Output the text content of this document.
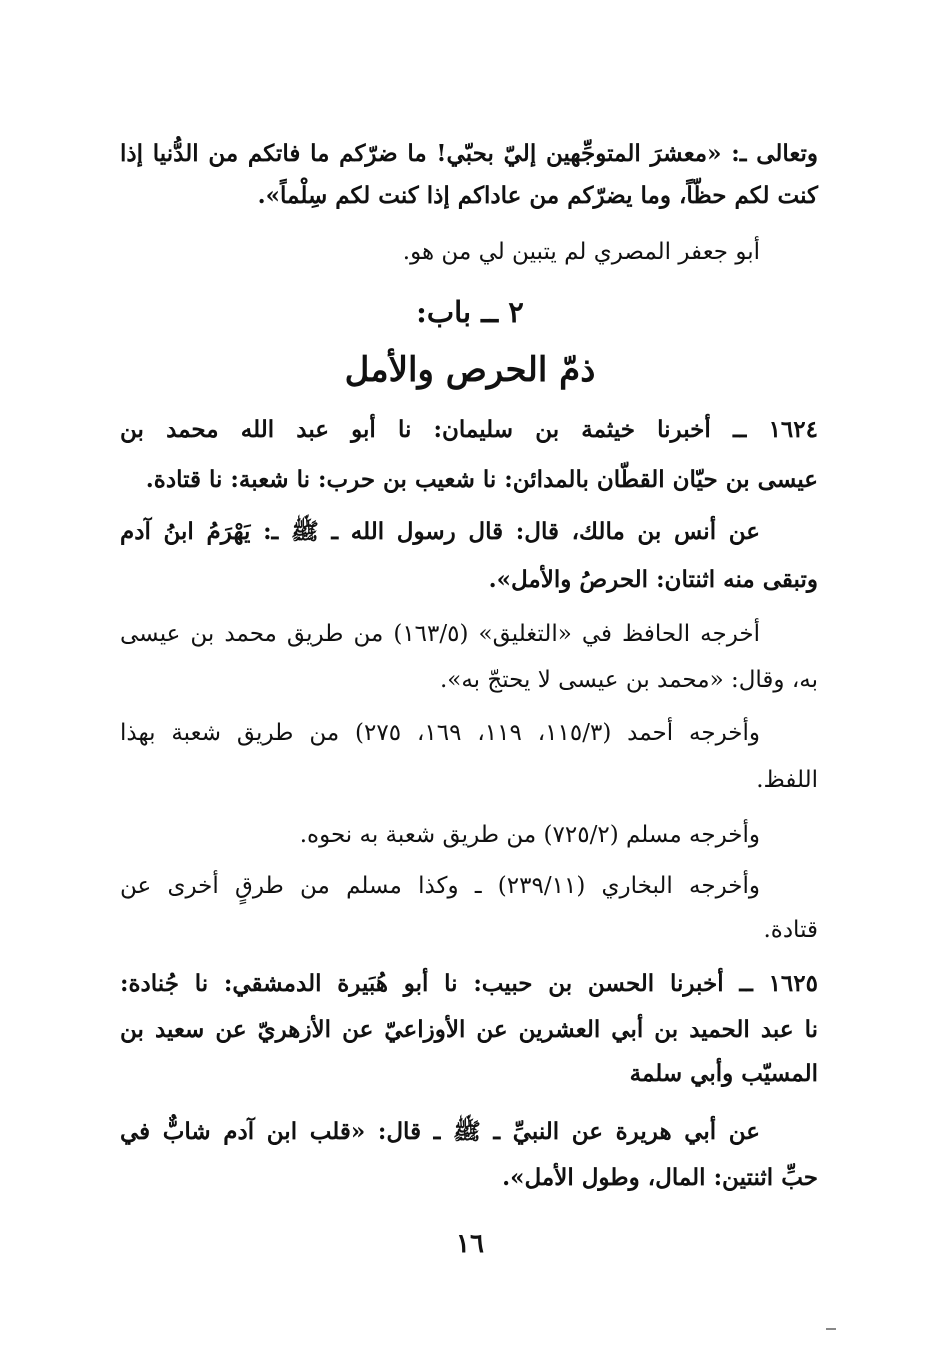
وتعالى ـ: «معشرَ المتوجِّهين إليّ بحبّي! ما ضرّكم ما فاتكم من الدُّنيا إذا
كنت لكم حظّاً، وما يضرّكم من عاداكم إذا كنت لكم سِلْماً».
أبو جعفر المصري لم يتبين لي من هو.
٢ ــ باب:
ذمّ الحرص والأمل
١٦٢٤ ــ أخبرنا خيثمة بن سليمان: نا أبو عبد الله محمد بن
عيسى بن حيّان القطّان بالمدائن: نا شعيب بن حرب: نا شعبة: نا قتادة.
عن أنس بن مالك، قال: قال رسول الله ـ ﷺ ـ: يَهْرَمُ ابنُ آدم
وتبقى منه اثنتان: الحرصُ والأمل».
أخرجه الحافظ في «التغليق» (١٦٣/٥) من طريق محمد بن عيسى
به، وقال: «محمد بن عيسى لا يحتجّ به».
وأخرجه أحمد (١١٥/٣، ١١٩، ١٦٩، ٢٧٥) من طريق شعبة بهذا
اللفظ.
وأخرجه مسلم (٧٢٥/٢) من طريق شعبة به نحوه.
وأخرجه البخاري (٢٣٩/١١) ـ وكذا مسلم من طرقٍ أخرى عن
قتادة.
١٦٢٥ ــ أخبرنا الحسن بن حبيب: نا أبو هُبَيرة الدمشقي: نا جُنادة:
نا عبد الحميد بن أبي العشرين عن الأوزاعيّ عن الأزهريّ عن سعيد بن
المسيّب وأبي سلمة
عن أبي هريرة عن النبيِّ ـ ﷺ ـ قال: «قلب ابن آدم شابٌّ في
حبِّ اثنتين: المال، وطول الأمل».
١٦
